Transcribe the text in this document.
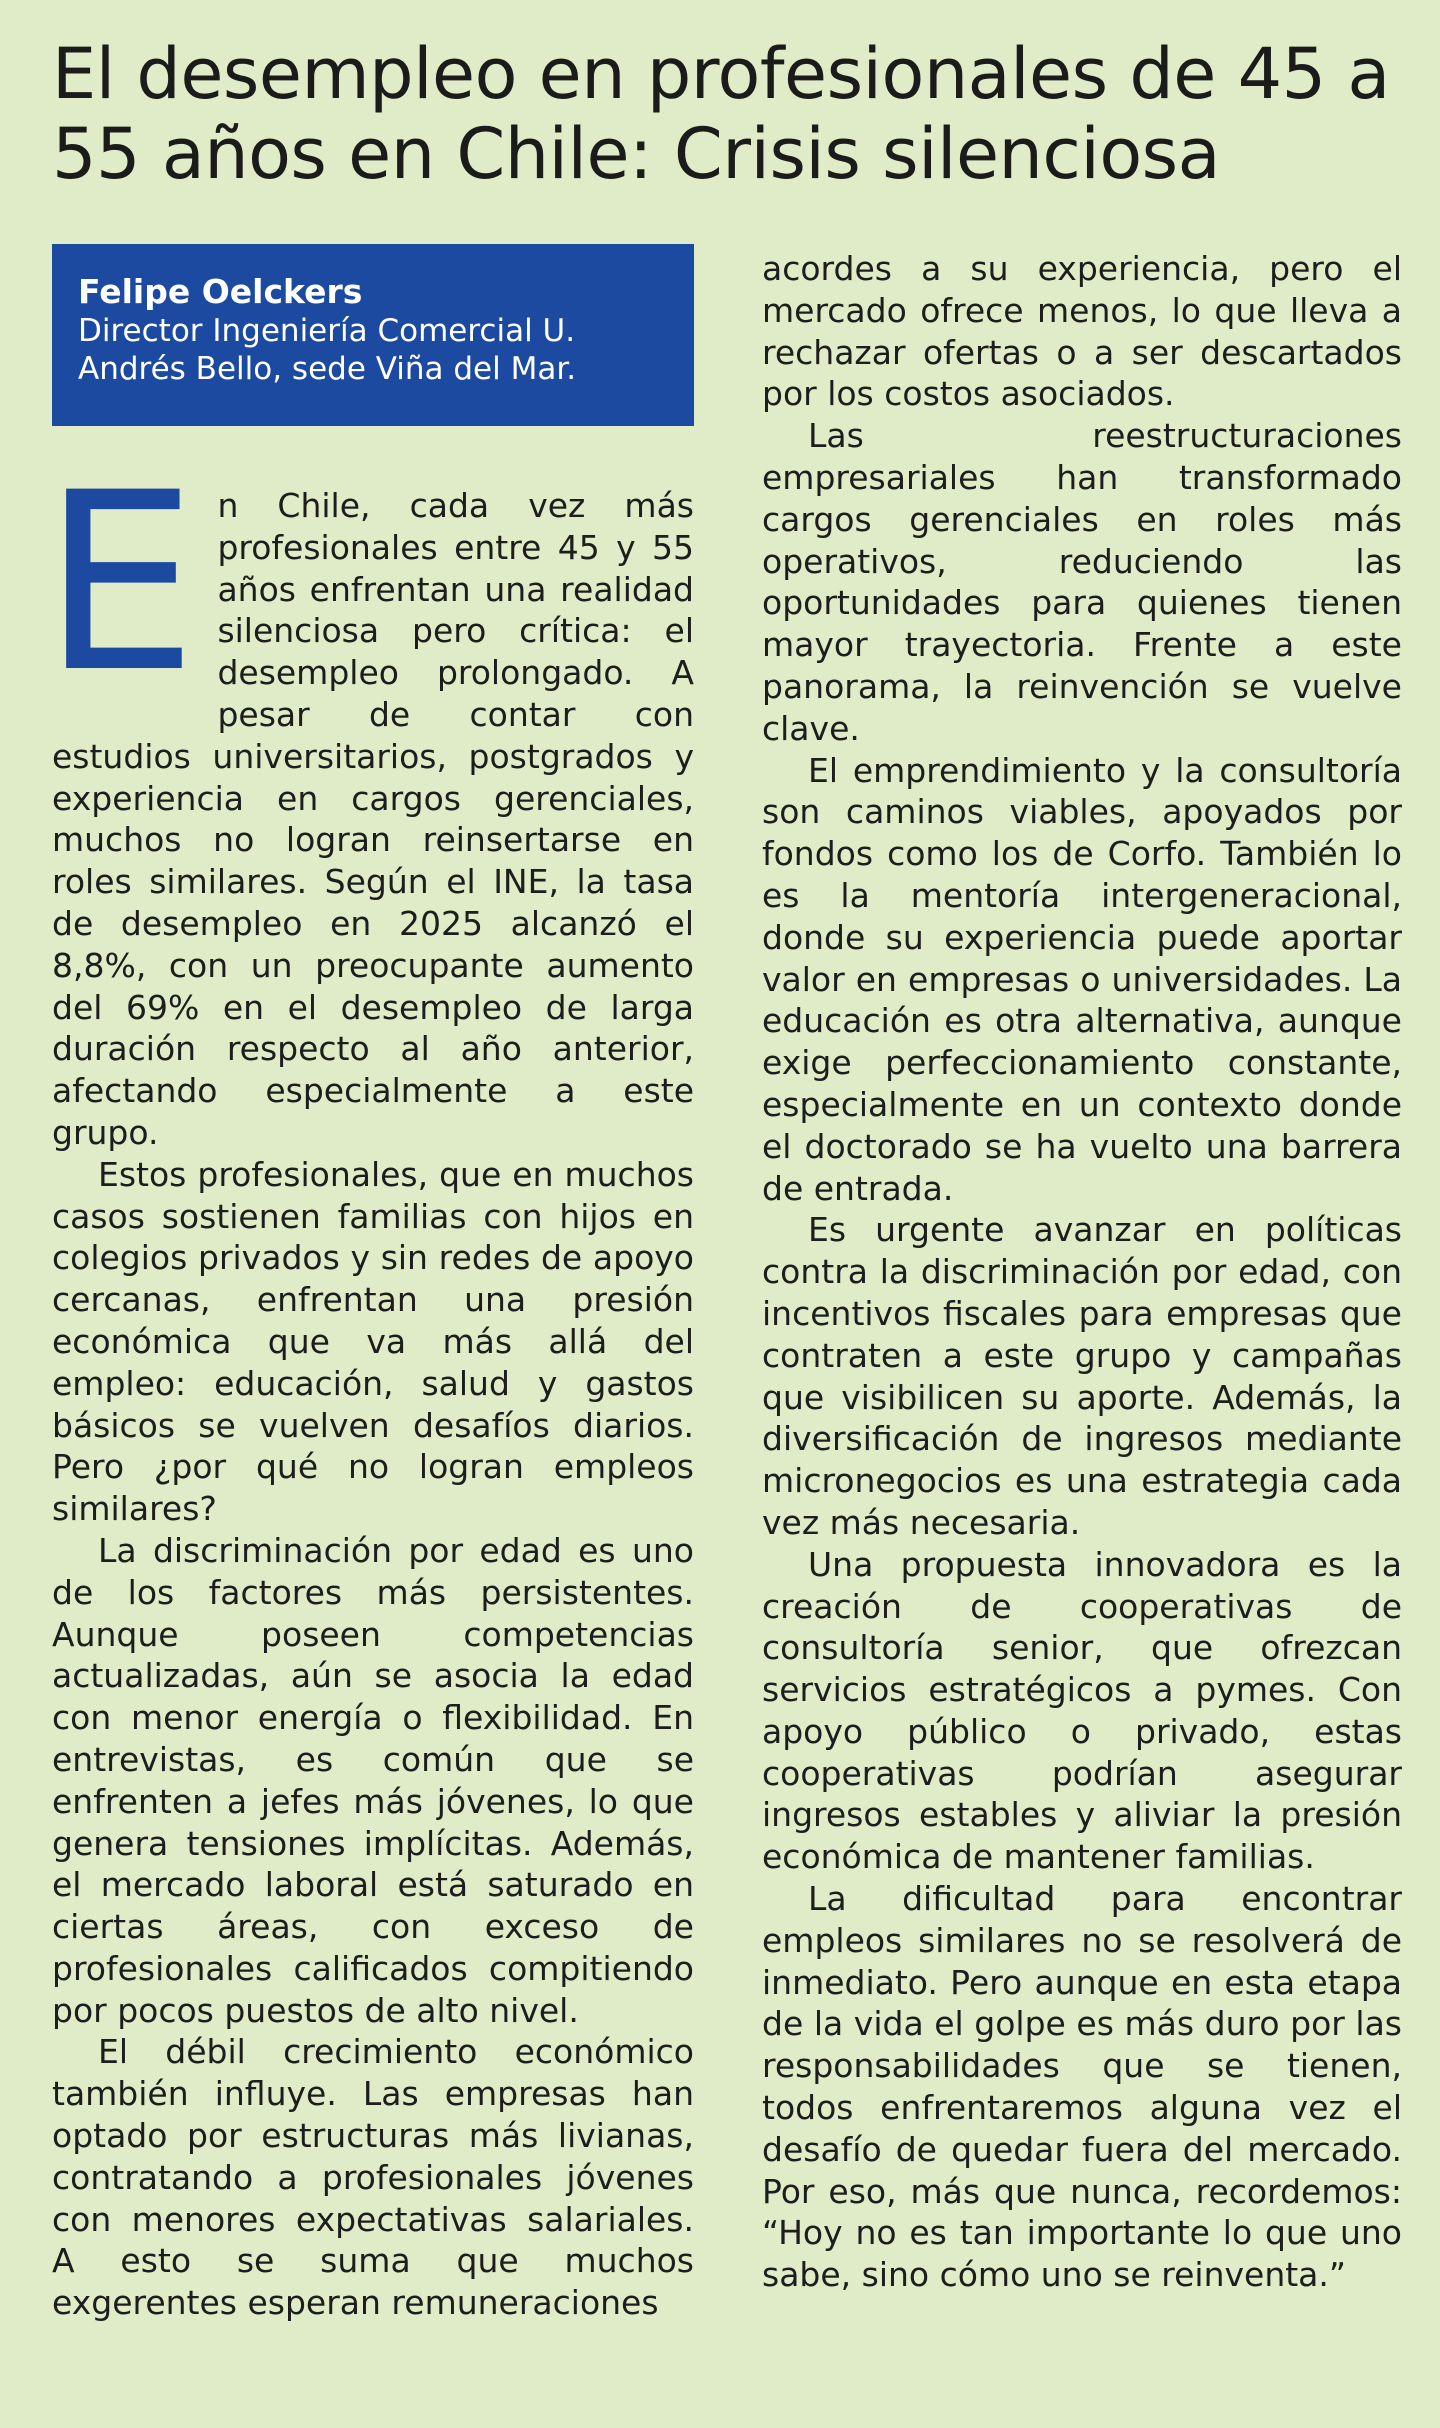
El desempleo en profesionales de 45 a 55 años en Chile: Crisis silenciosa
Felipe Oelckers
Director Ingeniería Comercial U. Andrés Bello, sede Viña del Mar.

En Chile, cada vez más profesionales entre 45 y 55 años enfrentan una realidad silenciosa pero crítica: el desempleo prolongado. A pesar de contar con estudios universitarios, postgrados y experiencia en cargos gerenciales, muchos no logran reinsertarse en roles similares. Según el INE, la tasa de desempleo en 2025 alcanzó el 8,8%, con un preocupante aumento del 69% en el desempleo de larga duración respecto al año anterior, afectando especialmente a este grupo.

Estos profesionales, que en muchos casos sostienen familias con hijos en colegios privados y sin redes de apoyo cercanas, enfrentan una presión económica que va más allá del empleo: educación, salud y gastos básicos se vuelven desafíos diarios. Pero ¿por qué no logran empleos similares?

La discriminación por edad es uno de los factores más persistentes. Aunque poseen competencias actualizadas, aún se asocia la edad con menor energía o flexibilidad. En entrevistas, es común que se enfrenten a jefes más jóvenes, lo que genera tensiones implícitas. Además, el mercado laboral está saturado en ciertas áreas, con exceso de profesionales calificados compitiendo por pocos puestos de alto nivel.

El débil crecimiento económico también influye. Las empresas han optado por estructuras más livianas, contratando a profesionales jóvenes con menores expectativas salariales. A esto se suma que muchos exgerentes esperan remuneraciones

acordes a su experiencia, pero el mercado ofrece menos, lo que lleva a rechazar ofertas o a ser descartados por los costos asociados.

Las reestructuraciones empresariales han transformado cargos gerenciales en roles más operativos, reduciendo las oportunidades para quienes tienen mayor trayectoria. Frente a este panorama, la reinvención se vuelve clave.

El emprendimiento y la consultoría son caminos viables, apoyados por fondos como los de Corfo. También lo es la mentoría intergeneracional, donde su experiencia puede aportar valor en empresas o universidades. La educación es otra alternativa, aunque exige perfeccionamiento constante, especialmente en un contexto donde el doctorado se ha vuelto una barrera de entrada.

Es urgente avanzar en políticas contra la discriminación por edad, con incentivos fiscales para empresas que contraten a este grupo y campañas que visibilicen su aporte. Además, la diversificación de ingresos mediante micronegocios es una estrategia cada vez más necesaria.

Una propuesta innovadora es la creación de cooperativas de consultoría senior, que ofrezcan servicios estratégicos a pymes. Con apoyo público o privado, estas cooperativas podrían asegurar ingresos estables y aliviar la presión económica de mantener familias.

La dificultad para encontrar empleos similares no se resolverá de inmediato. Pero aunque en esta etapa de la vida el golpe es más duro por las responsabilidades que se tienen, todos enfrentaremos alguna vez el desafío de quedar fuera del mercado. Por eso, más que nunca, recordemos: “Hoy no es tan importante lo que uno sabe, sino cómo uno se reinventa.”
